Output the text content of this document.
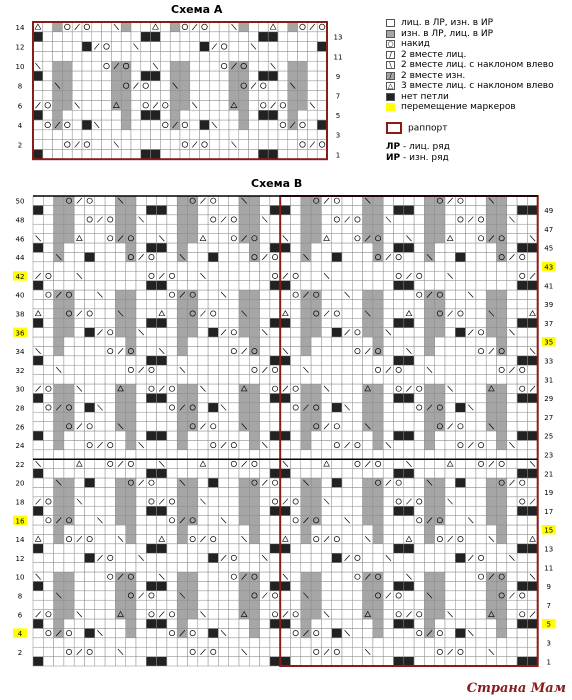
Схема А
2
4
6
8
10
12
14
1
3
5
7
9
11
13
лиц. в ЛР, изн. в ИР
изн. в ЛР, лиц. в ИР
○ накид
/	2 вместе лиц.
\	2 вместе лиц. с наклоном влево
/	2 вместе изн.
△ 3 вместе лиц. с наклоном влево
нет петли
перемещение маркеров
раппорт
ЛР - лиц. ряд
ИР - изн. ряд
Схема В
2
4
6
8
10
12
14
16
18
20
22
24
26
28
30
32
34
36
38
40
42
44
46
48
50
1
3
5
7
9
11
13
15
17
19
21
23
25
27
29
31
33
35
37
39
41
43
45
47
49
Страна Мам
